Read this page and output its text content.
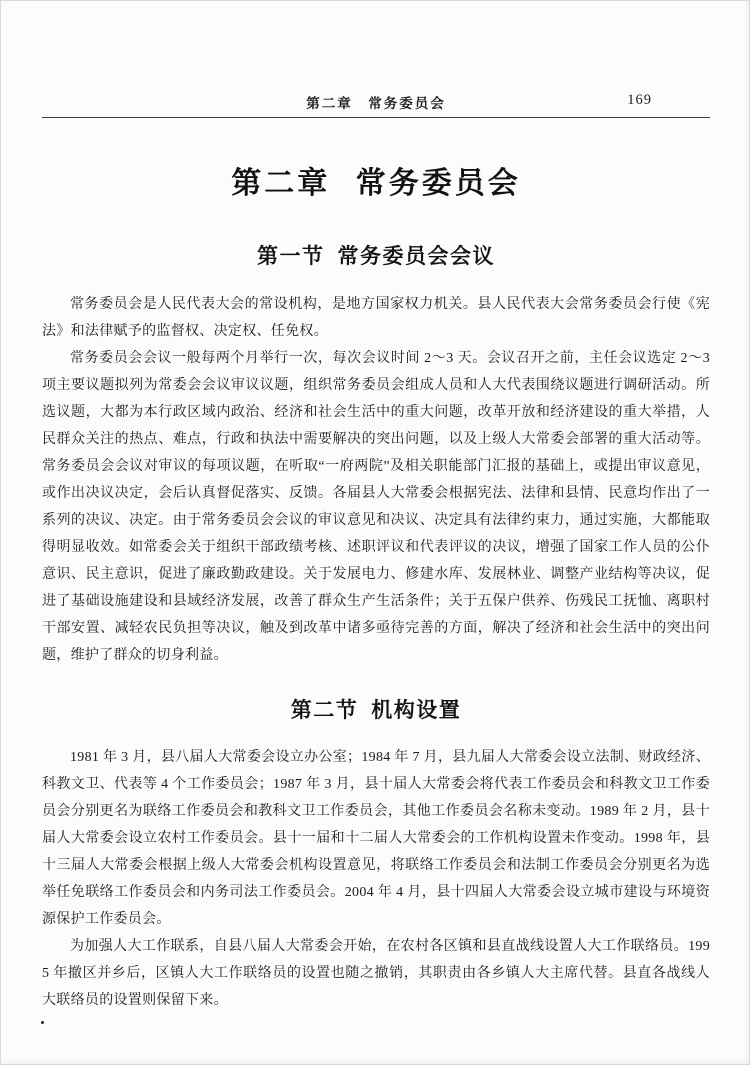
第二章　常务委员会	169
第二章 常务委员会
第一节 常务委员会会议

常务委员会是人民代表大会的常设机构，是地方国家权力机关。县人民代表大会常务委员会行使《宪法》和法律赋予的监督权、决定权、任免权。

常务委员会会议一般每两个月举行一次，每次会议时间 2～3 天。会议召开之前，主任会议选定 2～3 项主要议题拟列为常委会会议审议议题，组织常务委员会组成人员和人大代表围绕议题进行调研活动。所选议题，大都为本行政区域内政治、经济和社会生活中的重大问题，改革开放和经济建设的重大举措，人民群众关注的热点、难点，行政和执法中需要解决的突出问题，以及上级人大常委会部署的重大活动等。常务委员会会议对审议的每项议题，在听取“一府两院”及相关职能部门汇报的基础上，或提出审议意见，或作出决议决定，会后认真督促落实、反馈。各届县人大常委会根据宪法、法律和县情、民意均作出了一系列的决议、决定。由于常务委员会会议的审议意见和决议、决定具有法律约束力，通过实施，大都能取得明显收效。如常委会关于组织干部政绩考核、述职评议和代表评议的决议，增强了国家工作人员的公仆意识、民主意识，促进了廉政勤政建设。关于发展电力、修建水库、发展林业、调整产业结构等决议，促进了基础设施建设和县域经济发展，改善了群众生产生活条件；关于五保户供养、伤残民工抚恤、离职村干部安置、减轻农民负担等决议，触及到改革中诸多亟待完善的方面，解决了经济和社会生活中的突出问题，维护了群众的切身利益。

第二节 机构设置

1981 年 3 月，县八届人大常委会设立办公室；1984 年 7 月，县九届人大常委会设立法制、财政经济、科教文卫、代表等 4 个工作委员会；1987 年 3 月，县十届人大常委会将代表工作委员会和科教文卫工作委员会分别更名为联络工作委员会和教科文卫工作委员会，其他工作委员会名称未变动。1989 年 2 月，县十届人大常委会设立农村工作委员会。县十一届和十二届人大常委会的工作机构设置未作变动。1998 年，县十三届人大常委会根据上级人大常委会机构设置意见，将联络工作委员会和法制工作委员会分别更名为选举任免联络工作委员会和内务司法工作委员会。2004 年 4 月，县十四届人大常委会设立城市建设与环境资源保护工作委员会。

为加强人大工作联系，自县八届人大常委会开始，在农村各区镇和县直战线设置人大工作联络员。1995 年撤区并乡后，区镇人大工作联络员的设置也随之撤销，其职责由各乡镇人大主席代替。县直各战线人大联络员的设置则保留下来。
